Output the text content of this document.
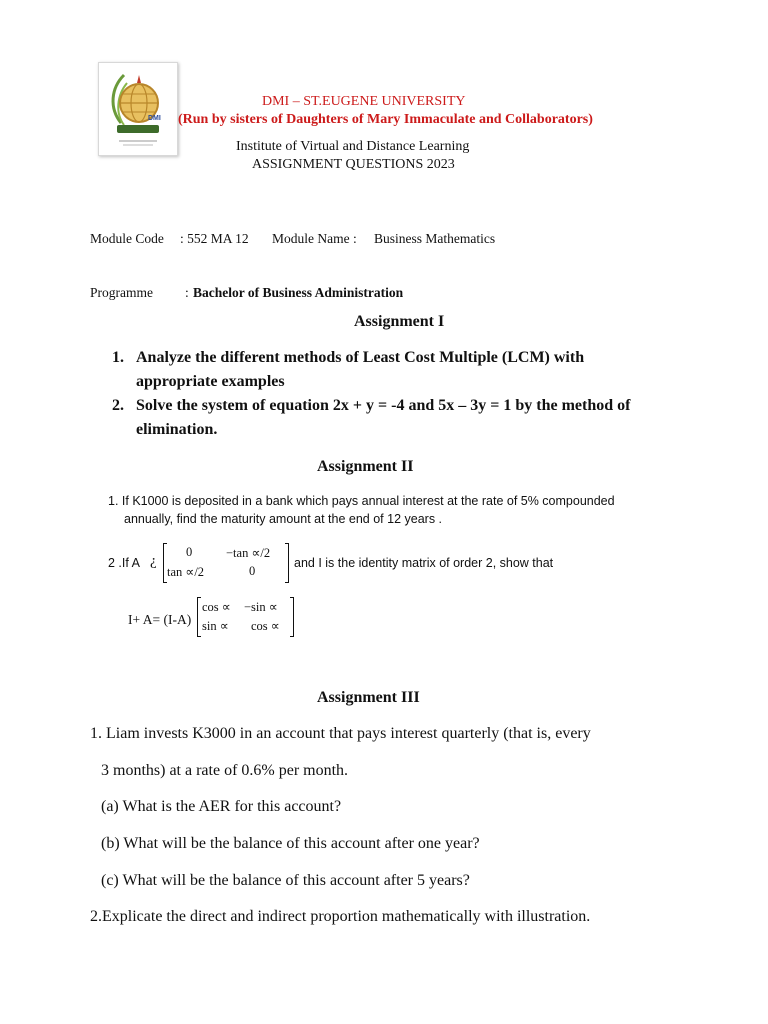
DMI
DMI – ST.EUGENE UNIVERSITY
(Run by sisters of Daughters of Mary Immaculate and Collaborators)
Institute of Virtual and Distance Learning
ASSIGNMENT QUESTIONS 2023
Module Code : 552 MA 12 Module Name : Business Mathematics
Programme : Bachelor of Business Administration
Assignment I
1. Analyze the different methods of Least Cost Multiple (LCM) with
appropriate examples
2. Solve the system of equation 2x + y = -4 and 5x – 3y = 1 by the method of
elimination.
Assignment II
1. If K1000 is deposited in a bank which pays annual interest at the rate of 5% compounded
annually, find the maturity amount at the end of 12 years .
2 .If A ¿
0	−tan ∝/2
tan ∝/2	0
and I is the identity matrix of order 2, show that
I+ A= (I-A)
cos ∝ −sin ∝
sin ∝ cos ∝
Assignment III
1. Liam invests K3000 in an account that pays interest quarterly (that is, every
3 months) at a rate of 0.6% per month.
(a) What is the AER for this account?
(b) What will be the balance of this account after one year?
(c) What will be the balance of this account after 5 years?
2.Explicate the direct and indirect proportion mathematically with illustration.
